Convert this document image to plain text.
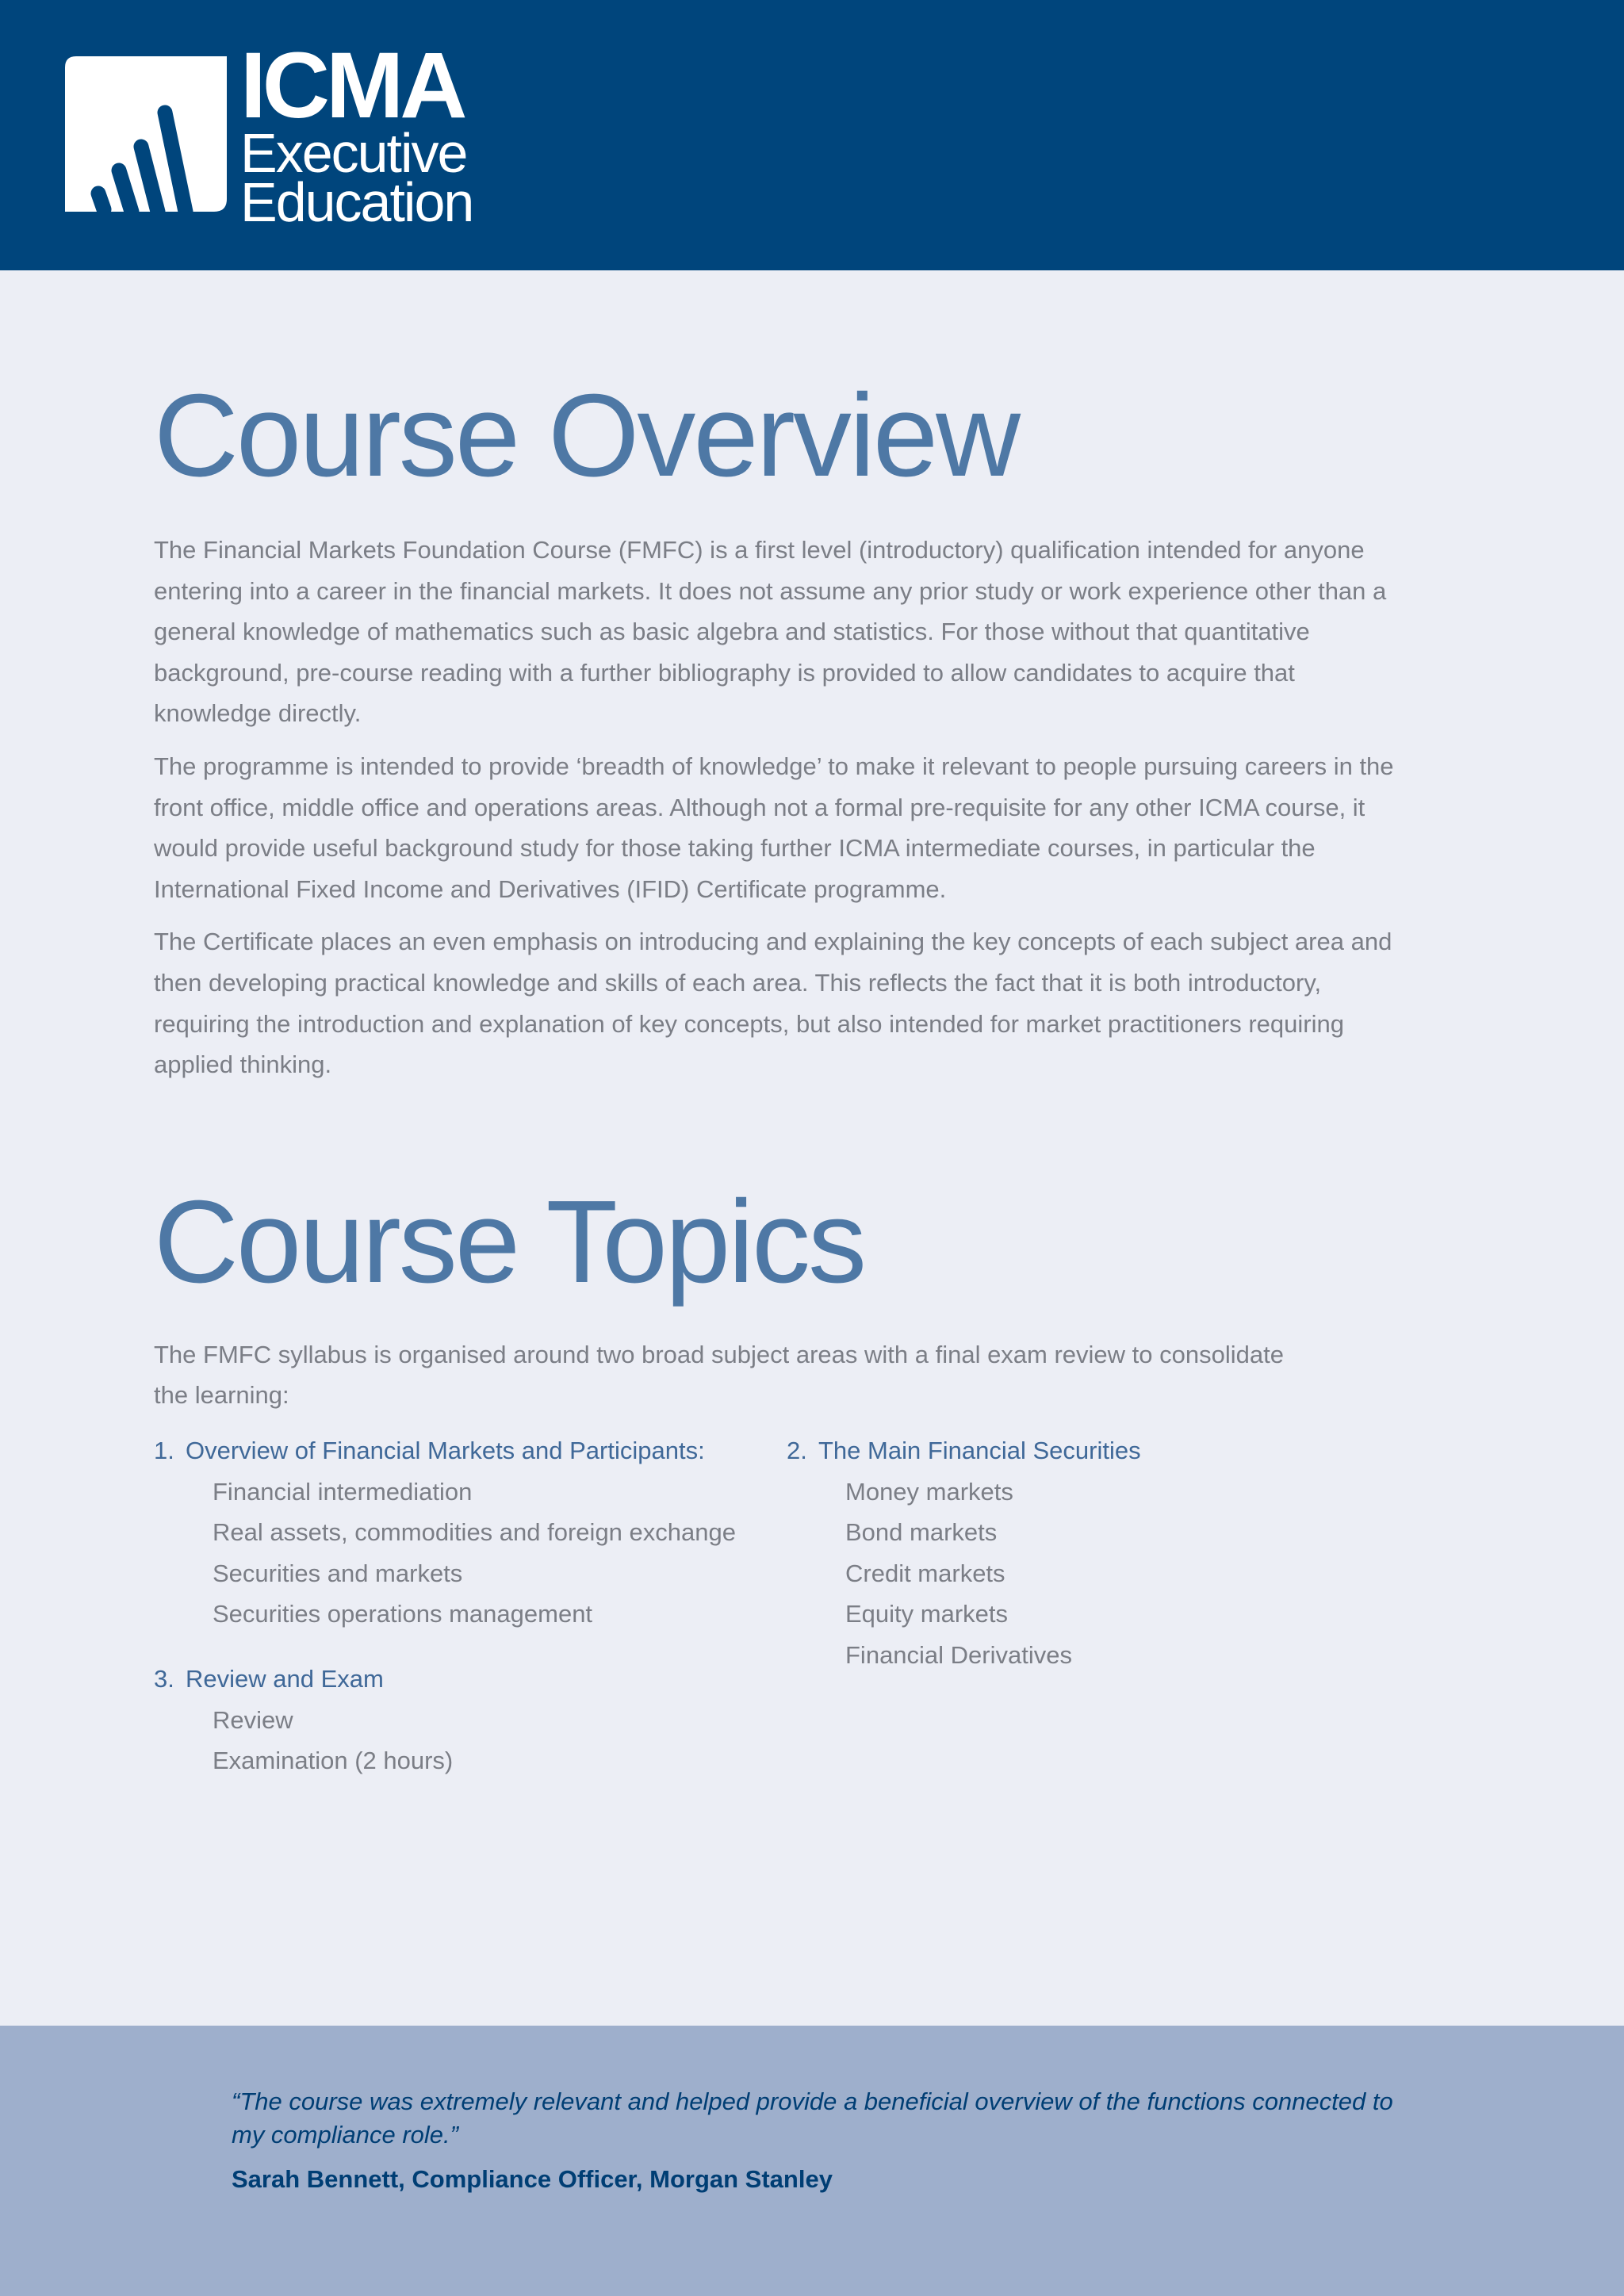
ICMA
Executive
Education
Course Overview

The Financial Markets Foundation Course (FMFC) is a first level (introductory) qualification intended for anyone entering into a career in the financial markets. It does not assume any prior study or work experience other than a general knowledge of mathematics such as basic algebra and statistics. For those without that quantitative background, pre-course reading with a further bibliography is provided to allow candidates to acquire that knowledge directly.

The programme is intended to provide ‘breadth of knowledge’ to make it relevant to people pursuing careers in the front office, middle office and operations areas. Although not a formal pre-requisite for any other ICMA course, it would provide useful background study for those taking further ICMA intermediate courses, in particular the International Fixed Income and Derivatives (IFID) Certificate programme.

The Certificate places an even emphasis on introducing and explaining the key concepts of each subject area and then developing practical knowledge and skills of each area. This reflects the fact that it is both introductory, requiring the introduction and explanation of key concepts, but also intended for market practitioners requiring applied thinking.

Course Topics

The FMFC syllabus is organised around two broad subject areas with a final exam review to consolidate the learning:

1. Overview of Financial Markets and Participants:
Financial intermediation
Real assets, commodities and foreign exchange
Securities and markets
Securities operations management
2. The Main Financial Securities
Money markets
Bond markets
Credit markets
Equity markets
Financial Derivatives
3. Review and Exam
Review
Examination (2 hours)
“The course was extremely relevant and helped provide a beneficial overview of the functions connected to my compliance role.”
Sarah Bennett, Compliance Officer, Morgan Stanley
